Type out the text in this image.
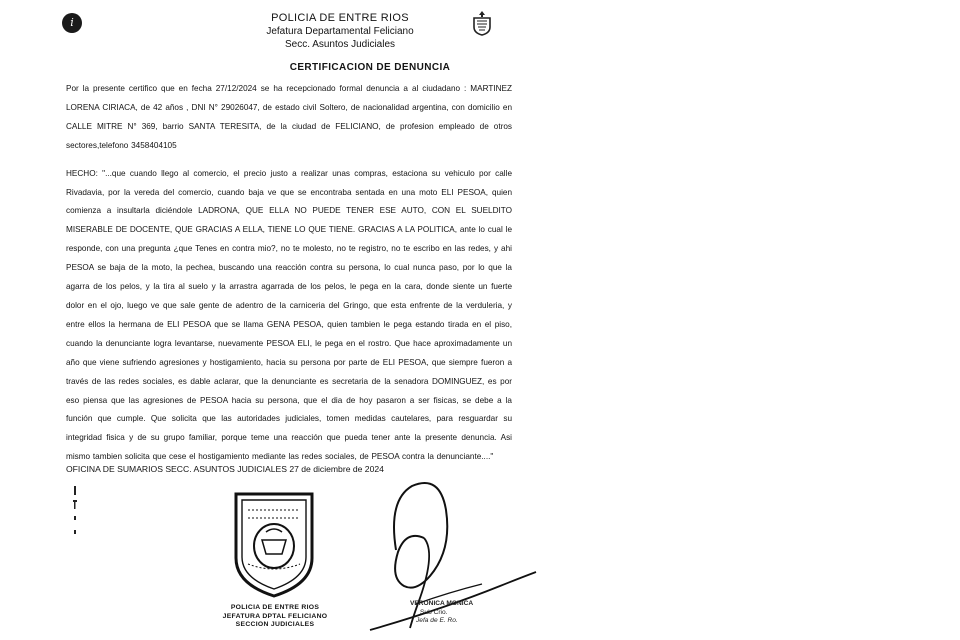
i	POLICIA DE ENTRE RIOS
Jefatura Departamental Feliciano
Secc. Asuntos Judiciales
CERTIFICACION DE DENUNCIA

Por la presente certifico que en fecha 27/12/2024 se ha recepcionado formal denuncia a al ciudadano : MARTINEZ LORENA CIRIACA, de 42 años , DNI N° 29026047, de estado civil Soltero, de nacionalidad argentina, con domicilio en CALLE MITRE N° 369, barrio SANTA TERESITA, de la ciudad de FELICIANO, de profesion empleado de otros sectores,telefono 3458404105

HECHO: "...que cuando llego al comercio, el precio justo a realizar unas compras, estaciona su vehiculo por calle Rivadavia, por la vereda del comercio, cuando baja ve que se encontraba sentada en una moto ELI PESOA, quien comienza a insultarla diciéndole LADRONA, QUE ELLA NO PUEDE TENER ESE AUTO, CON EL SUELDITO MISERABLE DE DOCENTE, QUE GRACIAS A ELLA, TIENE LO QUE TIENE. GRACIAS A LA POLITICA, ante lo cual le responde, con una pregunta ¿que Tenes en contra mio?, no te molesto, no te registro, no te escribo en las redes, y ahi PESOA se baja de la moto, la pechea, buscando una reacción contra su persona, lo cual nunca paso, por lo que la agarra de los pelos, y la tira al suelo y la arrastra agarrada de los pelos, le pega en la cara, donde siente un fuerte dolor en el ojo, luego ve que sale gente de adentro de la carniceria del Gringo, que esta enfrente de la verduleria, y entre ellos la hermana de ELI PESOA que se llama GENA PESOA, quien tambien le pega estando tirada en el piso, cuando la denunciante logra levantarse, nuevamente PESOA ELI, le pega en el rostro. Que hace aproximadamente un año que viene sufriendo agresiones y hostigamiento, hacia su persona por parte de ELI PESOA, que siempre fueron a través de las redes sociales, es dable aclarar, que la denunciante es secretaria de la senadora DOMINGUEZ, es por eso piensa que las agresiones de PESOA hacia su persona, que el dia de hoy pasaron a ser fisicas, se debe a la función que cumple. Que solicita que las autoridades judiciales, tomen medidas cautelares, para resguardar su integridad fisica y de su grupo familiar, porque teme una reacción que pueda tener ante la presente denuncia. Asi mismo tambien solicita que cese el hostigamiento mediante las redes sociales, de PESOA contra la denunciante...."

OFICINA DE SUMARIOS SECC. ASUNTOS JUDICIALES 27 de diciembre de 2024
POLICIA DE ENTRE RIOS
JEFATURA DPTAL FELICIANO
SECCION JUDICIALES
VERONICA MONICA
Sub Crio.
Jefa de E. Ro.
